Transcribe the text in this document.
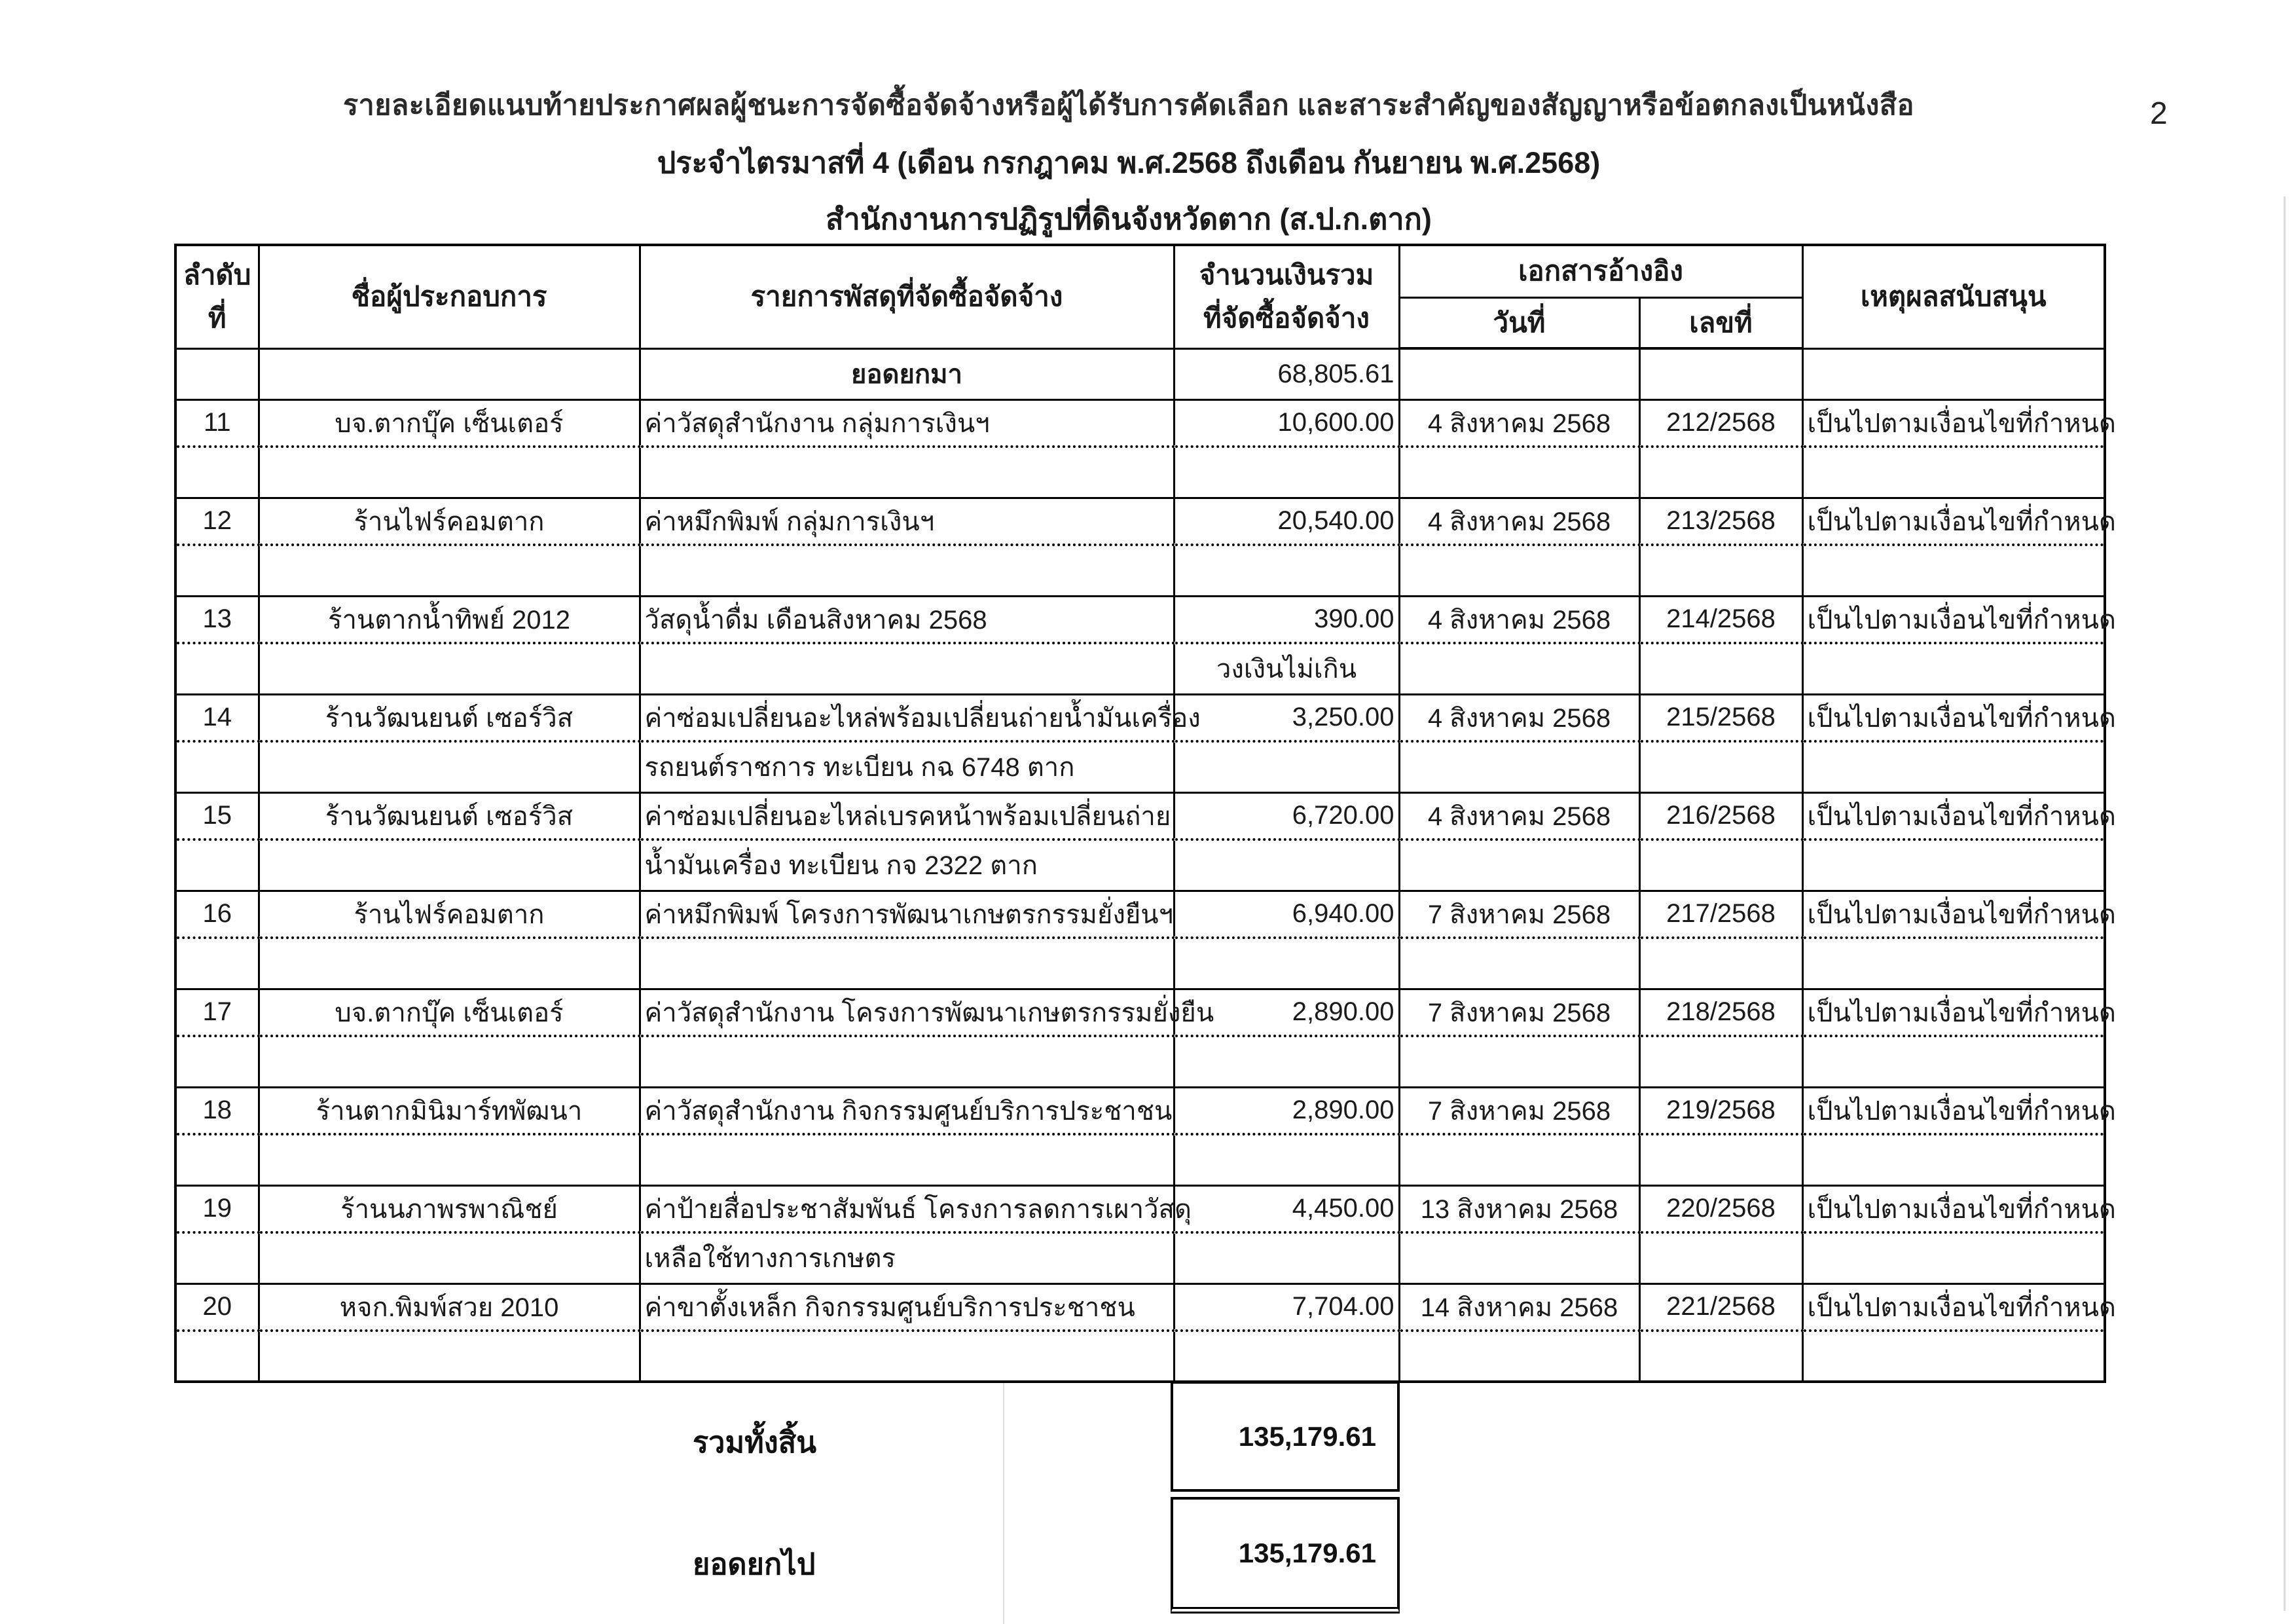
2
รายละเอียดแนบท้ายประกาศผลผู้ชนะการจัดซื้อจัดจ้างหรือผู้ได้รับการคัดเลือก และสาระสำคัญของสัญญาหรือข้อตกลงเป็นหนังสือ
ประจำไตรมาสที่ 4 (เดือน กรกฎาคม พ.ศ.2568 ถึงเดือน กันยายน พ.ศ.2568)
สำนักงานการปฏิรูปที่ดินจังหวัดตาก (ส.ป.ก.ตาก)
ลำดับ
ที่	ชื่อผู้ประกอบการ	รายการพัสดุที่จัดซื้อจัดจ้าง	จำนวนเงินรวม
ที่จัดซื้อจัดจ้าง	เอกสารอ้างอิง		เหตุผลสนับสนุน
				วันที่	เลขที่	
		ยอดยกมา	68,805.61			
11	บจ.ตากบุ๊ค เซ็นเตอร์	ค่าวัสดุสำนักงาน กลุ่มการเงินฯ	10,600.00	4 สิงหาคม 2568	212/2568	เป็นไปตามเงื่อนไขที่กำหนด

12	ร้านไฟร์คอมตาก	ค่าหมึกพิมพ์ กลุ่มการเงินฯ	20,540.00	4 สิงหาคม 2568	213/2568	เป็นไปตามเงื่อนไขที่กำหนด

13	ร้านตากน้ำทิพย์ 2012	วัสดุน้ำดื่ม เดือนสิงหาคม 2568	390.00	4 สิงหาคม 2568	214/2568	เป็นไปตามเงื่อนไขที่กำหนด
			วงเงินไม่เกิน			
14	ร้านวัฒนยนต์ เซอร์วิส	ค่าซ่อมเปลี่ยนอะไหล่พร้อมเปลี่ยนถ่ายน้ำมันเครื่อง	3,250.00	4 สิงหาคม 2568	215/2568	เป็นไปตามเงื่อนไขที่กำหนด
		รถยนต์ราชการ ทะเบียน กฉ 6748 ตาก				
15	ร้านวัฒนยนต์ เซอร์วิส	ค่าซ่อมเปลี่ยนอะไหล่เบรคหน้าพร้อมเปลี่ยนถ่าย	6,720.00	4 สิงหาคม 2568	216/2568	เป็นไปตามเงื่อนไขที่กำหนด
		น้ำมันเครื่อง ทะเบียน กจ 2322 ตาก				
16	ร้านไฟร์คอมตาก	ค่าหมึกพิมพ์ โครงการพัฒนาเกษตรกรรมยั่งยืนฯ	6,940.00	7 สิงหาคม 2568	217/2568	เป็นไปตามเงื่อนไขที่กำหนด

17	บจ.ตากบุ๊ค เซ็นเตอร์	ค่าวัสดุสำนักงาน โครงการพัฒนาเกษตรกรรมยั่งยืน	2,890.00	7 สิงหาคม 2568	218/2568	เป็นไปตามเงื่อนไขที่กำหนด

18	ร้านตากมินิมาร์ทพัฒนา	ค่าวัสดุสำนักงาน กิจกรรมศูนย์บริการประชาชน	2,890.00	7 สิงหาคม 2568	219/2568	เป็นไปตามเงื่อนไขที่กำหนด

19	ร้านนภาพรพาณิชย์	ค่าป้ายสื่อประชาสัมพันธ์ โครงการลดการเผาวัสดุ	4,450.00	13 สิงหาคม 2568	220/2568	เป็นไปตามเงื่อนไขที่กำหนด
		เหลือใช้ทางการเกษตร				
20	หจก.พิมพ์สวย 2010	ค่าขาตั้งเหล็ก กิจกรรมศูนย์บริการประชาชน	7,704.00	14 สิงหาคม 2568	221/2568	เป็นไปตามเงื่อนไขที่กำหนด

รวมทั้งสิ้น	135,179.61
ยอดยกไป	135,179.61
